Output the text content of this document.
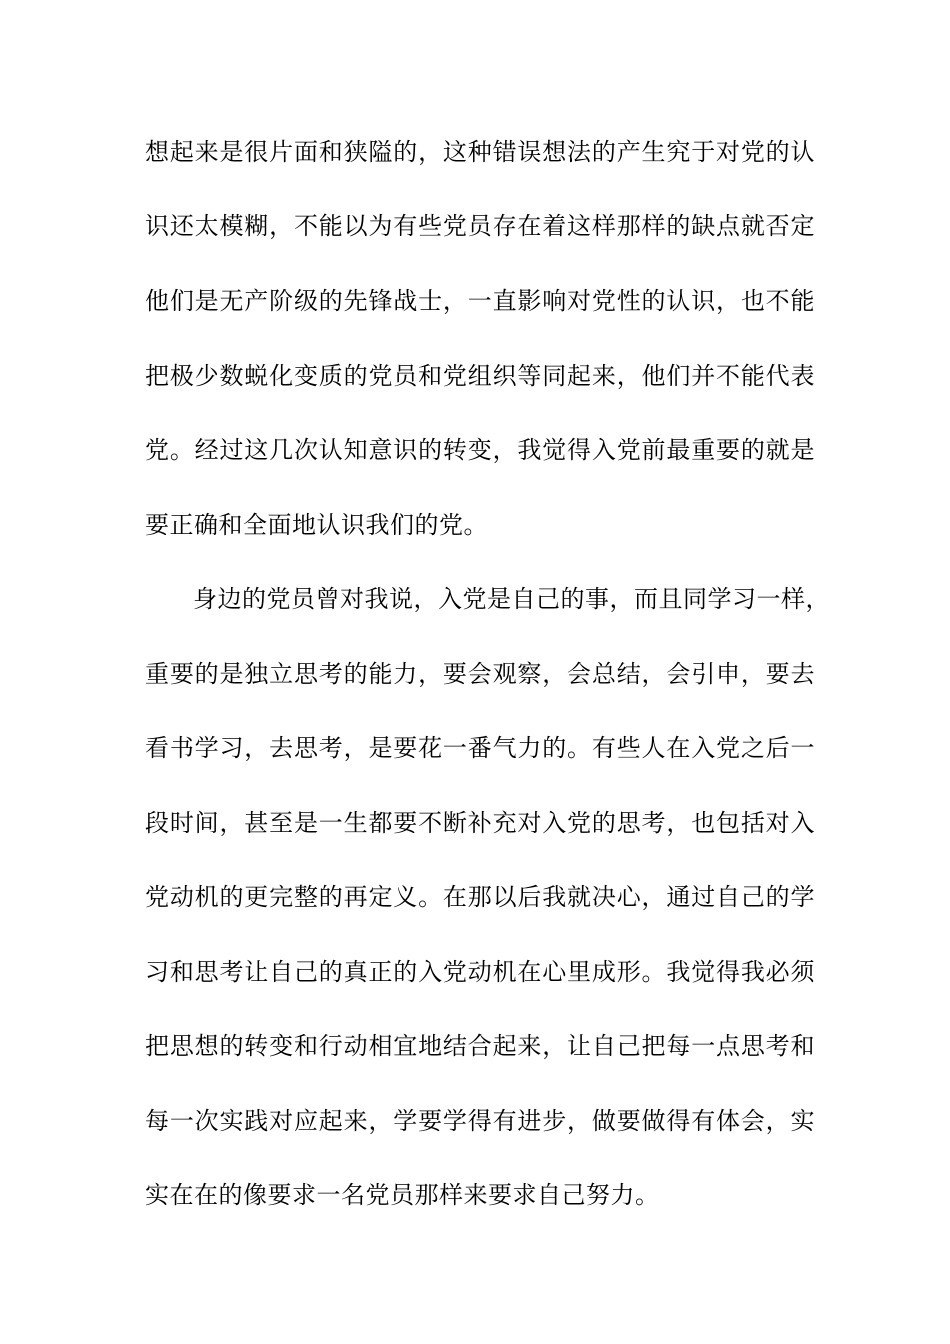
想起来是很片面和狭隘的，这种错误想法的产生究于对党的认
识还太模糊，不能以为有些党员存在着这样那样的缺点就否定
他们是无产阶级的先锋战士，一直影响对党性的认识，也不能
把极少数蜕化变质的党员和党组织等同起来，他们并不能代表
党。经过这几次认知意识的转变，我觉得入党前最重要的就是
要正确和全面地认识我们的党。
身边的党员曾对我说，入党是自己的事，而且同学习一样，
重要的是独立思考的能力，要会观察，会总结，会引申，要去
看书学习，去思考，是要花一番气力的。有些人在入党之后一
段时间，甚至是一生都要不断补充对入党的思考，也包括对入
党动机的更完整的再定义。在那以后我就决心，通过自己的学
习和思考让自己的真正的入党动机在心里成形。我觉得我必须
把思想的转变和行动相宜地结合起来，让自己把每一点思考和
每一次实践对应起来，学要学得有进步，做要做得有体会，实
实在在的像要求一名党员那样来要求自己努力。
